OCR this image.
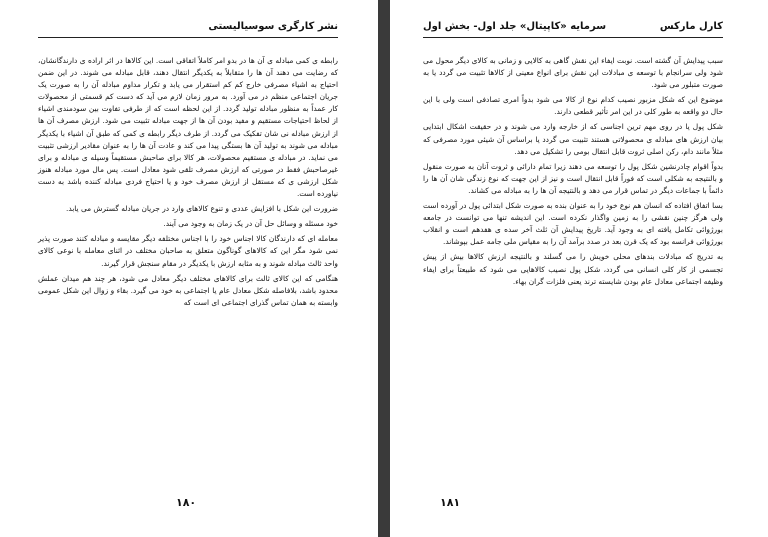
نشر کارگری سوسیالیستی

رابطه ی کمی مبادله ی آن ها در بدو امر کاملاً اتفاقی است. این کالاها در اثر اراده ی دارندگانشان، که رضایت می دهند آن ها را متقابلاً به یکدیگر انتقال دهند، قابل مبادله می شوند. در این ضمن احتیاج به اشیاء مصرفی خارج کم کم استقرار می یابد و تکرار مداوم مبادله آن را به صورت یک جریان اجتماعی منظم در می آورد. به مرور زمان لازم می آید که دست کم قسمتی از محصولات کار عمداً به منظور مبادله تولید گردد. از این لحظه است که از طرفی تفاوت بین سودمندی اشیاء از لحاظ احتیاجات مستقیم و مفید بودن آن ها از جهت مبادله تثبیت می شود. ارزش مصرف آن ها از ارزش مبادله نی شان تفکیک می گردد. از طرف دیگر رابطه ی کمی که طبق آن اشیاء با یکدیگر مبادله می شوند به تولید آن ها بستگی پیدا می کند و عادت آن ها را به عنوان مقادیر ارزشی تثبیت می نماید. در مبادله ی مستقیم محصولات، هر کالا برای صاحبش مستقیماً وسیله ی مبادله و برای غیرصاحبش فقط در صورتی که ارزش مصرف تلقی شود معادل است. پس مال مورد مبادله هنوز شکل ارزشی ی که مستقل از ارزش مصرف خود و یا احتیاج فردی مبادله کننده باشد به دست نیاورده است.

ضرورت این شکل با افزایش عددی و تنوع کالاهای وارد در جریان مبادله گسترش می یابد.

خود مسئله و وسائل حل آن در یک زمان به وجود می آیند.

معامله ای که دارندگان کالا اجناس خود را با اجناس مختلفه دیگر مقایسه و مبادله کنند صورت پذیر نمی شود مگر این که کالاهای گوناگون متعلق به صاحبان مختلف در اثنای معامله با نوعی کالای واحد ثالث مبادله شوند و به مثابه ارزش با یکدیگر در مقام سنجش قرار گیرند.

هنگامی که این کالای ثالث برای کالاهای مختلف دیگر معادل می شود، هر چند هم میدان عملش محدود باشد، بلافاصله شکل معادل عام یا اجتماعی به خود می گیرد. بقاء و زوال این شکل عمومی وابسته به همان تماس گذرای اجتماعی ای است که

۱۸۰
کارل مارکس
سرمایه «کاپیتال» جلد اول- بخش اول

سبب پیدایش آن گشته است. نوبت ایفاء این نقش گاهی به کالایی و زمانی به کالای دیگر محول می شود ولی سرانجام با توسعه ی مبادلات این نقش برای انواع معینی از کالاها تثبیت می گردد یا به صورت متبلور می شود.

موضوع این که شکل مزبور نصیب کدام نوع از کالا می شود بدواً امری تصادفی است ولی با این حال دو واقعه به طور کلی در این امر تأثیر قطعی دارند.

شکل پول یا در روی مهم ترین اجناسی که از خارجه وارد می شوند و در حقیقت اشکال ابتدایی بیان ارزش های مبادله ی محصولاتی هستند تثبیت می گردد یا براساس آن شیئی مورد مصرفی که مثلاً مانند دام، رکن اصلی ثروت قابل انتقال بومی را تشکیل می دهد.

بدواً اقوام چادرنشین شکل پول را توسعه می دهند زیرا تمام دارائی و ثروت آنان به صورت منقول و بالنتیجه به شکلی است که فوراً قابل انتقال است و نیز از این جهت که نوع زندگی شان آن ها را دائماً با جماعات دیگر در تماس قرار می دهد و بالنتیجه آن ها را به مبادله می کشاند.

بسا اتفاق افتاده که انسان هم نوع خود را به عنوان بنده به صورت شکل ابتدائی پول در آورده است ولی هرگز چنین نقشی را به زمین واگذار نکرده است. این اندیشه تنها می توانست در جامعه بورژوائی تکامل یافته ای به وجود آید. تاریخ پیدایش آن ثلث آخر سده ی هفدهم است و انقلاب بورژوائی فرانسه بود که یک قرن بعد در صدد برآمد آن را به مقیاس ملی جامه عمل بپوشاند.

به تدریج که مبادلات بندهای محلی خویش را می گسلند و بالنتیجه ارزش کالاها بیش از پیش تجسمی از کار کلی انسانی می گردد، شکل پول نصیب کالاهایی می شود که طبیعتاً برای ایفاء وظیفه اجتماعی معادل عام بودن شایسته ترند یعنی فلزات گران بهاء.

۱۸۱
